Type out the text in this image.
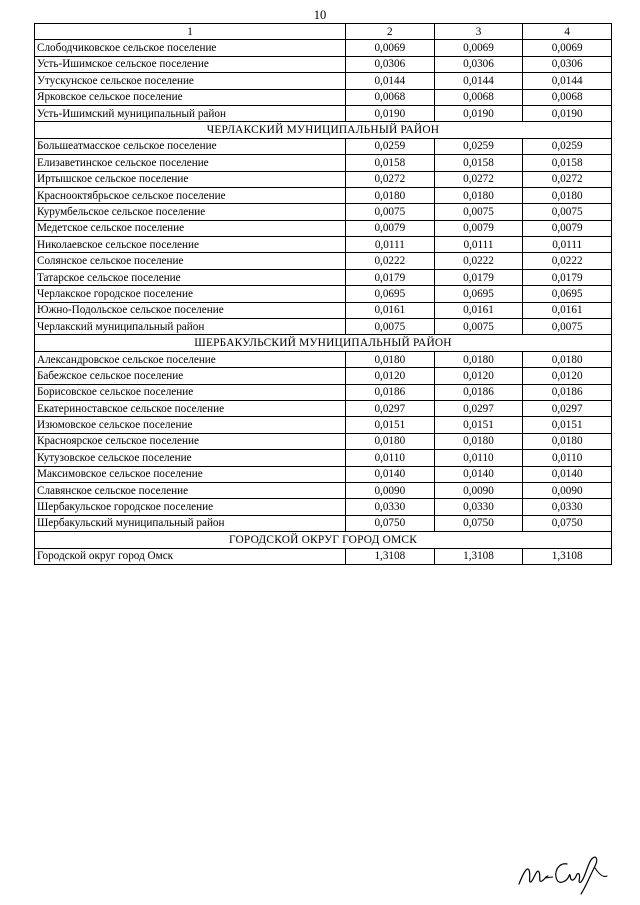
10
1	2	3	4
Слободчиковское сельское поселение	0,0069	0,0069	0,0069
Усть-Ишимское сельское поселение	0,0306	0,0306	0,0306
Утускунское сельское поселение	0,0144	0,0144	0,0144
Ярковское сельское поселение	0,0068	0,0068	0,0068
Усть-Ишимский муниципальный район	0,0190	0,0190	0,0190
ЧЕРЛАКСКИЙ МУНИЦИПАЛЬНЫЙ РАЙОН			
Большеатмасское сельское поселение	0,0259	0,0259	0,0259
Елизаветинское сельское поселение	0,0158	0,0158	0,0158
Иртышское сельское поселение	0,0272	0,0272	0,0272
Краснооктябрьское сельское поселение	0,0180	0,0180	0,0180
Курумбельское сельское поселение	0,0075	0,0075	0,0075
Медетское сельское поселение	0,0079	0,0079	0,0079
Николаевское сельское поселение	0,0111	0,0111	0,0111
Солянское сельское поселение	0,0222	0,0222	0,0222
Татарское сельское поселение	0,0179	0,0179	0,0179
Черлакское городское поселение	0,0695	0,0695	0,0695
Южно-Подольское сельское поселение	0,0161	0,0161	0,0161
Черлакский муниципальный район	0,0075	0,0075	0,0075
ШЕРБАКУЛЬСКИЙ МУНИЦИПАЛЬНЫЙ РАЙОН			
Александровское сельское поселение	0,0180	0,0180	0,0180
Бабежское сельское поселение	0,0120	0,0120	0,0120
Борисовское сельское поселение	0,0186	0,0186	0,0186
Екатериноставское сельское поселение	0,0297	0,0297	0,0297
Изюмовское сельское поселение	0,0151	0,0151	0,0151
Красноярское сельское поселение	0,0180	0,0180	0,0180
Кутузовское сельское поселение	0,0110	0,0110	0,0110
Максимовское сельское поселение	0,0140	0,0140	0,0140
Славянское сельское поселение	0,0090	0,0090	0,0090
Шербакульское городское поселение	0,0330	0,0330	0,0330
Шербакульский муниципальный район	0,0750	0,0750	0,0750
ГОРОДСКОЙ ОКРУГ ГОРОД ОМСК			
Городской округ город Омск	1,3108	1,3108	1,3108
